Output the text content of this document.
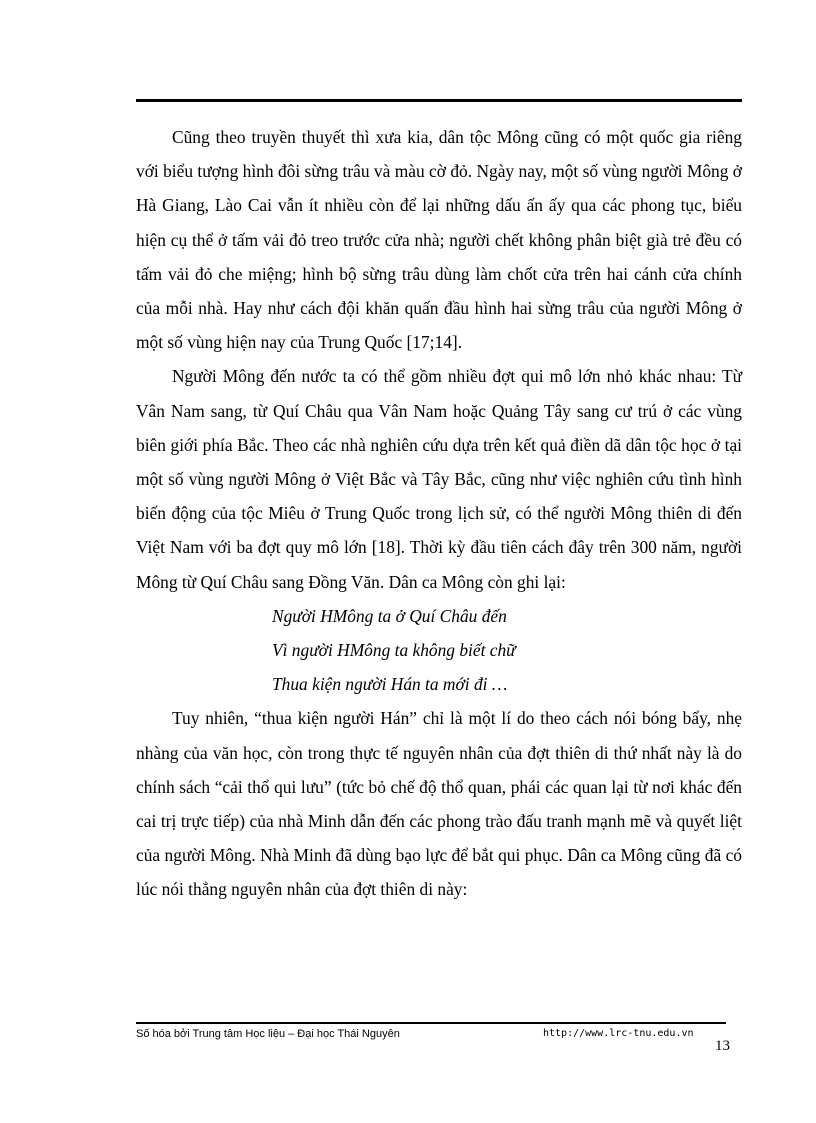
Cũng theo truyền thuyết thì xưa kia, dân tộc Mông cũng có một quốc gia riêng với biểu tượng hình đôi sừng trâu và màu cờ đỏ. Ngày nay, một số vùng người Mông ở Hà Giang, Lào Cai vẫn ít nhiều còn để lại những dấu ấn ấy qua các phong tục, biểu hiện cụ thể ở tấm vải đỏ treo trước cửa nhà; người chết không phân biệt già trẻ đều có tấm vải đỏ che miệng; hình bộ sừng trâu dùng làm chốt cửa trên hai cánh cửa chính của mỗi nhà. Hay như cách đội khăn quấn đầu hình hai sừng trâu của người Mông ở một số vùng hiện nay của Trung Quốc [17;14].

Người Mông đến nước ta có thể gồm nhiều đợt qui mô lớn nhỏ khác nhau: Từ Vân Nam sang, từ Quí Châu qua Vân Nam hoặc Quảng Tây sang cư trú ở các vùng biên giới phía Bắc. Theo các nhà nghiên cứu dựa trên kết quả điền dã dân tộc học ở tại một số vùng người Mông ở Việt Bắc và Tây Bắc, cũng như việc nghiên cứu tình hình biến động của tộc Miêu ở Trung Quốc trong lịch sử, có thể người Mông thiên di đến Việt Nam với ba đợt quy mô lớn [18]. Thời kỳ đầu tiên cách đây trên 300 năm, người Mông từ Quí Châu sang Đồng Văn. Dân ca Mông còn ghi lại:

Người HMông ta ở Quí Châu đến
Vì người HMông ta không biết chữ
Thua kiện người Hán ta mới đi …

Tuy nhiên, “thua kiện người Hán” chỉ là một lí do theo cách nói bóng bẩy, nhẹ nhàng của văn học, còn trong thực tế nguyên nhân của đợt thiên di thứ nhất này là do chính sách “cải thổ qui lưu” (tức bỏ chế độ thổ quan, phái các quan lại từ nơi khác đến cai trị trực tiếp) của nhà Minh dẫn đến các phong trào đấu tranh mạnh mẽ và quyết liệt của người Mông. Nhà Minh đã dùng bạo lực để bắt qui phục. Dân ca Mông cũng đã có lúc nói thẳng nguyên nhân của đợt thiên di này:

Số hóa bởi Trung tâm Học liệu – Đại học Thái Nguyên	http://www.lrc-tnu.edu.vn
13
